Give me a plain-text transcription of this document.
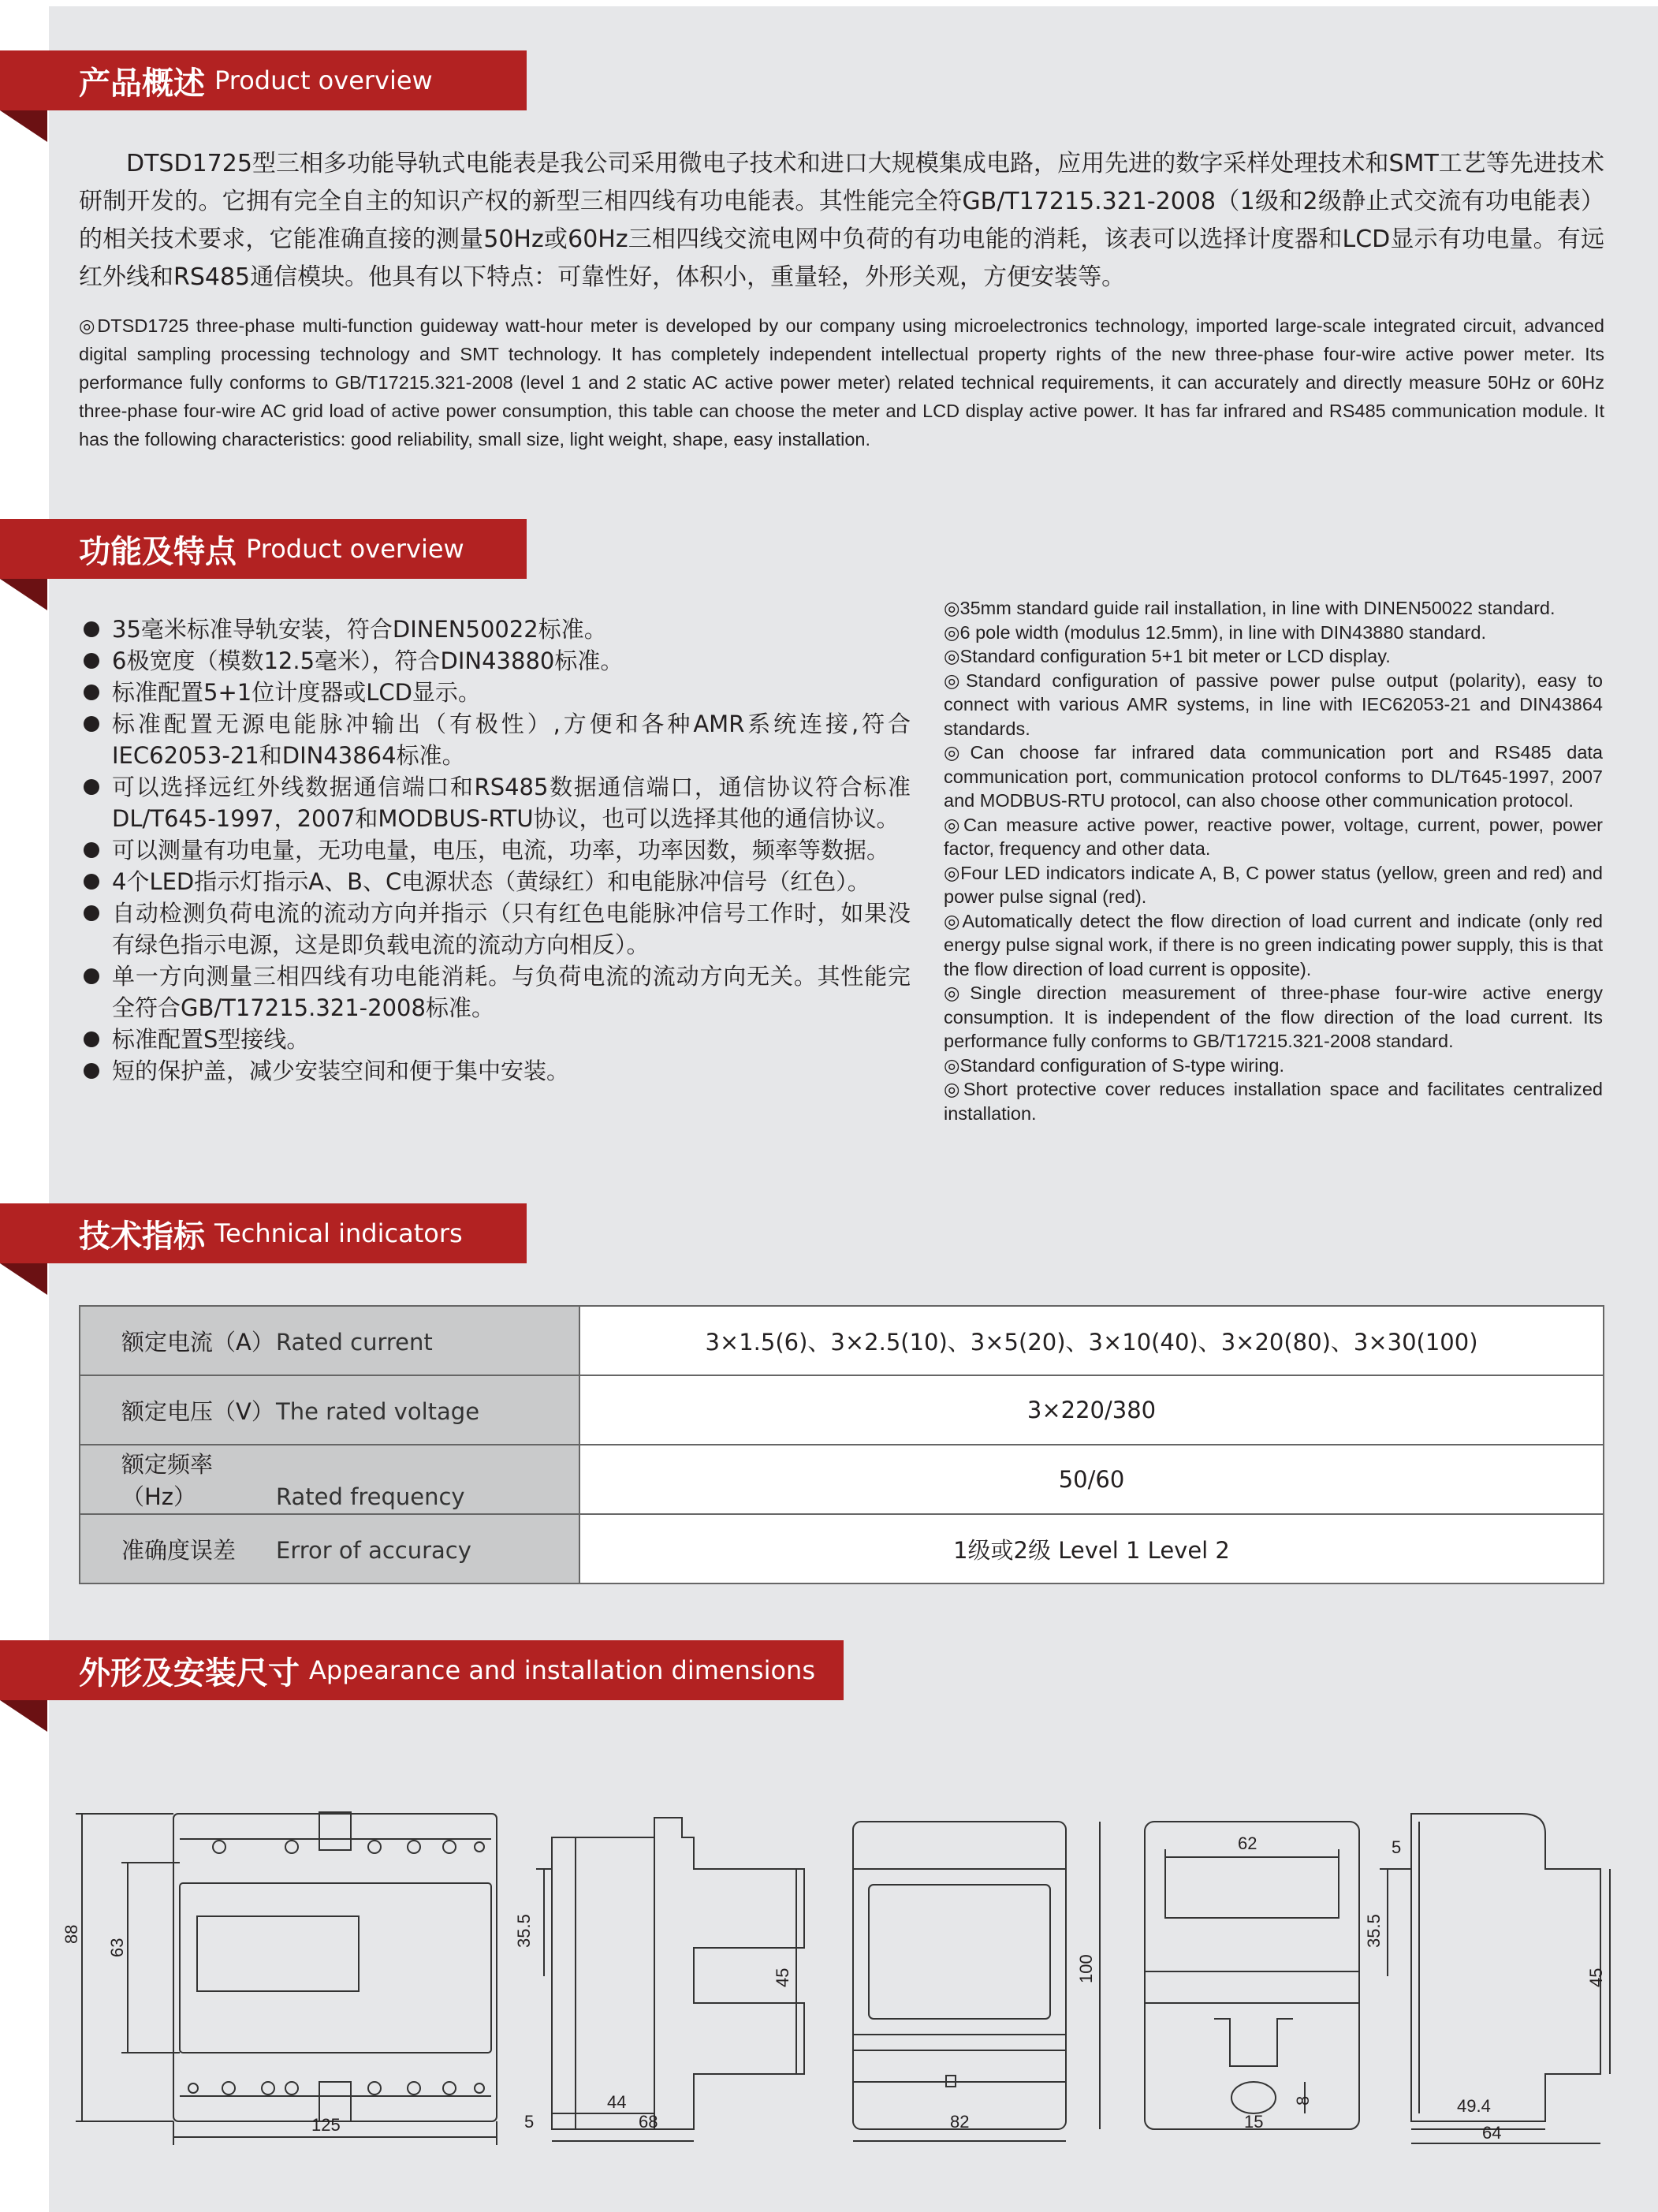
产品概述 Product overview
DTSD1725型三相多功能导轨式电能表是我公司采用微电子技术和进口大规模集成电路，应用先进的数字采样处理技术和SMT工艺等先进技术研制开发的。它拥有完全自主的知识产权的新型三相四线有功电能表。其性能完全符GB/T17215.321-2008（1级和2级静止式交流有功电能表）的相关技术要求，它能准确直接的测量50Hz或60Hz三相四线交流电网中负荷的有功电能的消耗，该表可以选择计度器和LCD显示有功电量。有远红外线和RS485通信模块。他具有以下特点：可靠性好，体积小，重量轻，外形关观，方便安装等。
◎DTSD1725 three-phase multi-function guideway watt-hour meter is developed by our company using microelectronics technology, imported large-scale integrated circuit, advanced digital sampling processing technology and SMT technology. It has completely independent intellectual property rights of the new three-phase four-wire active power meter. Its performance fully conforms to GB/T17215.321-2008 (level 1 and 2 static AC active power meter) related technical requirements, it can accurately and directly measure 50Hz or 60Hz three-phase four-wire AC grid load of active power consumption, this table can choose the meter and LCD display active power. It has far infrared and RS485 communication module. It has the following characteristics: good reliability, small size, light weight, shape, easy installation.
功能及特点 Product overview
35毫米标准导轨安装，符合DINEN50022标准。
6极宽度（模数12.5毫米），符合DIN43880标准。
标准配置5+1位计度器或LCD显示。
标准配置无源电能脉冲输出（有极性）,方便和各种AMR系统连接,符合IEC62053-21和DIN43864标准。
可以选择远红外线数据通信端口和RS485数据通信端口，通信协议符合标准DL/T645-1997，2007和MODBUS-RTU协议，也可以选择其他的通信协议。
可以测量有功电量，无功电量，电压，电流，功率，功率因数，频率等数据。
4个LED指示灯指示A、B、C电源状态（黄绿红）和电能脉冲信号（红色）。
自动检测负荷电流的流动方向并指示（只有红色电能脉冲信号工作时，如果没有绿色指示电源，这是即负载电流的流动方向相反）。
单一方向测量三相四线有功电能消耗。与负荷电流的流动方向无关。其性能完全符合GB/T17215.321-2008标准。
标准配置S型接线。
短的保护盖，减少安装空间和便于集中安装。
◎35mm standard guide rail installation, in line with DINEN50022 standard.
◎6 pole width (modulus 12.5mm), in line with DIN43880 standard.
◎Standard configuration 5+1 bit meter or LCD display.
◎Standard configuration of passive power pulse output (polarity), easy to connect with various AMR systems, in line with IEC62053-21 and DIN43864 standards.
◎Can choose far infrared data communication port and RS485 data communication port, communication protocol conforms to DL/T645-1997, 2007 and MODBUS-RTU protocol, can also choose other communication protocol.
◎Can measure active power, reactive power, voltage, current, power, power factor, frequency and other data.
◎Four LED indicators indicate A, B, C power status (yellow, green and red) and power pulse signal (red).
◎Automatically detect the flow direction of load current and indicate (only red energy pulse signal work, if there is no green indicating power supply, this is that the flow direction of load current is opposite).
◎Single direction measurement of three-phase four-wire active energy consumption. It is independent of the flow direction of the load current. Its performance fully conforms to GB/T17215.321-2008 standard.
◎Standard configuration of S-type wiring.
◎Short protective cover reduces installation space and facilitates centralized installation.
技术指标 Technical indicators
额定电流（A）Rated current	3×1.5(6)、3×2.5(10)、3×5(20)、3×10(40)、3×20(80)、3×30(100)
额定电压（V）The rated voltage	3×220/380
额定频率（Hz） Rated frequency	50/60
准确度误差 Error of accuracy	1级或2级 Level 1 Level 2
外形及安装尺寸 Appearance and installation dimensions
88
63
125
35.5
45
44
5	68
100
82
62
15
8
5
35.5
45
49.4
64
